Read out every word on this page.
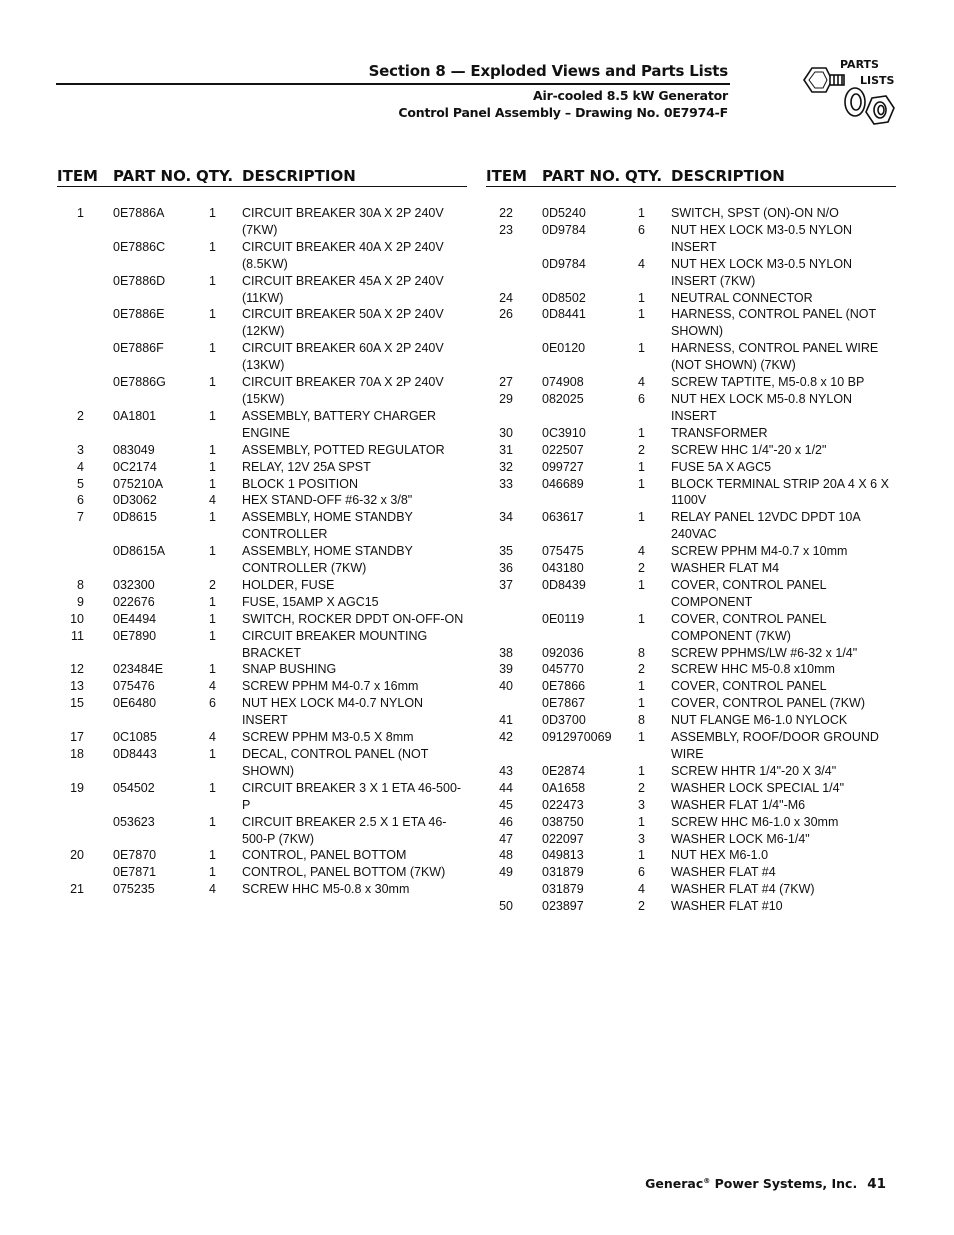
Section 8 — Exploded Views and Parts Lists
Air-cooled 8.5 kW Generator
Control Panel Assembly – Drawing No. 0E7974-F
PARTS
LISTS
ITEM PART NO. QTY. DESCRIPTION
1 0E7886A	1 CIRCUIT BREAKER 30A X 2P 240V (7KW)
0E7886C	1 CIRCUIT BREAKER 40A X 2P 240V (8.5KW)
0E7886D	1 CIRCUIT BREAKER 45A X 2P 240V (11KW)
0E7886E	1 CIRCUIT BREAKER 50A X 2P 240V (12KW)
0E7886F	1 CIRCUIT BREAKER 60A X 2P 240V (13KW)
0E7886G	1 CIRCUIT BREAKER 70A X 2P 240V (15KW)
2 0A1801	1 ASSEMBLY, BATTERY CHARGER ENGINE
3 083049	1 ASSEMBLY, POTTED REGULATOR
4 0C2174	1 RELAY, 12V 25A SPST
5 075210A	1 BLOCK 1 POSITION
6 0D3062	4 HEX STAND-OFF #6-32 x 3/8"
7 0D8615	1 ASSEMBLY, HOME STANDBY CONTROLLER
0D8615A	1 ASSEMBLY, HOME STANDBY CONTROLLER (7KW)
8 032300	2 HOLDER, FUSE
9 022676	1 FUSE, 15AMP X AGC15
10 0E4494	1 SWITCH, ROCKER DPDT ON-OFF-ON
11 0E7890	1 CIRCUIT BREAKER MOUNTING BRACKET
12 023484E	1 SNAP BUSHING
13 075476	4 SCREW PPHM M4-0.7 x 16mm
15 0E6480	6 NUT HEX LOCK M4-0.7 NYLON INSERT
17 0C1085	4 SCREW PPHM M3-0.5 X 8mm
18 0D8443	1 DECAL, CONTROL PANEL (NOT SHOWN)
19 054502	1 CIRCUIT BREAKER 3 X 1 ETA 46-500-P
053623	1 CIRCUIT BREAKER 2.5 X 1 ETA 46-500-P (7KW)
20 0E7870	1 CONTROL, PANEL BOTTOM
0E7871	1 CONTROL, PANEL BOTTOM (7KW)
21 075235	4 SCREW HHC M5-0.8 x 30mm
ITEM PART NO. QTY. DESCRIPTION
22 0D5240	1 SWITCH, SPST (ON)-ON N/O
23 0D9784	6 NUT HEX LOCK M3-0.5 NYLON INSERT
0D9784	4 NUT HEX LOCK M3-0.5 NYLON INSERT (7KW)
24 0D8502	1 NEUTRAL CONNECTOR
26 0D8441	1 HARNESS, CONTROL PANEL (NOT SHOWN)
0E0120	1 HARNESS, CONTROL PANEL WIRE (NOT SHOWN) (7KW)
27 074908	4 SCREW TAPTITE, M5-0.8 x 10 BP
29 082025	6 NUT HEX LOCK M5-0.8 NYLON INSERT
30 0C3910	1 TRANSFORMER
31 022507	2 SCREW HHC 1/4"-20 x 1/2"
32 099727	1 FUSE 5A X AGC5
33 046689	1 BLOCK TERMINAL STRIP 20A 4 X 6 X 1100V
34 063617	1 RELAY PANEL 12VDC DPDT 10A 240VAC
35 075475	4 SCREW PPHM M4-0.7 x 10mm
36 043180	2 WASHER FLAT M4
37 0D8439	1 COVER, CONTROL PANEL COMPONENT
0E0119	1 COVER, CONTROL PANEL COMPONENT (7KW)
38 092036	8 SCREW PPHMS/LW #6-32 x 1/4"
39 045770	2 SCREW HHC M5-0.8 x10mm
40 0E7866	1 COVER, CONTROL PANEL
0E7867	1 COVER, CONTROL PANEL (7KW)
41 0D3700	8 NUT FLANGE M6-1.0 NYLOCK
42 0912970069	1 ASSEMBLY, ROOF/DOOR GROUND WIRE
43 0E2874	1 SCREW HHTR 1/4"-20 X 3/4"
44 0A1658	2 WASHER LOCK SPECIAL 1/4"
45 022473	3 WASHER FLAT 1/4"-M6
46 038750	1 SCREW HHC M6-1.0 x 30mm
47 022097	3 WASHER LOCK M6-1/4"
48 049813	1 NUT HEX M6-1.0
49 031879	6 WASHER FLAT #4
031879	4 WASHER FLAT #4 (7KW)
50 023897	2 WASHER FLAT #10
Generac® Power Systems, Inc. 41
